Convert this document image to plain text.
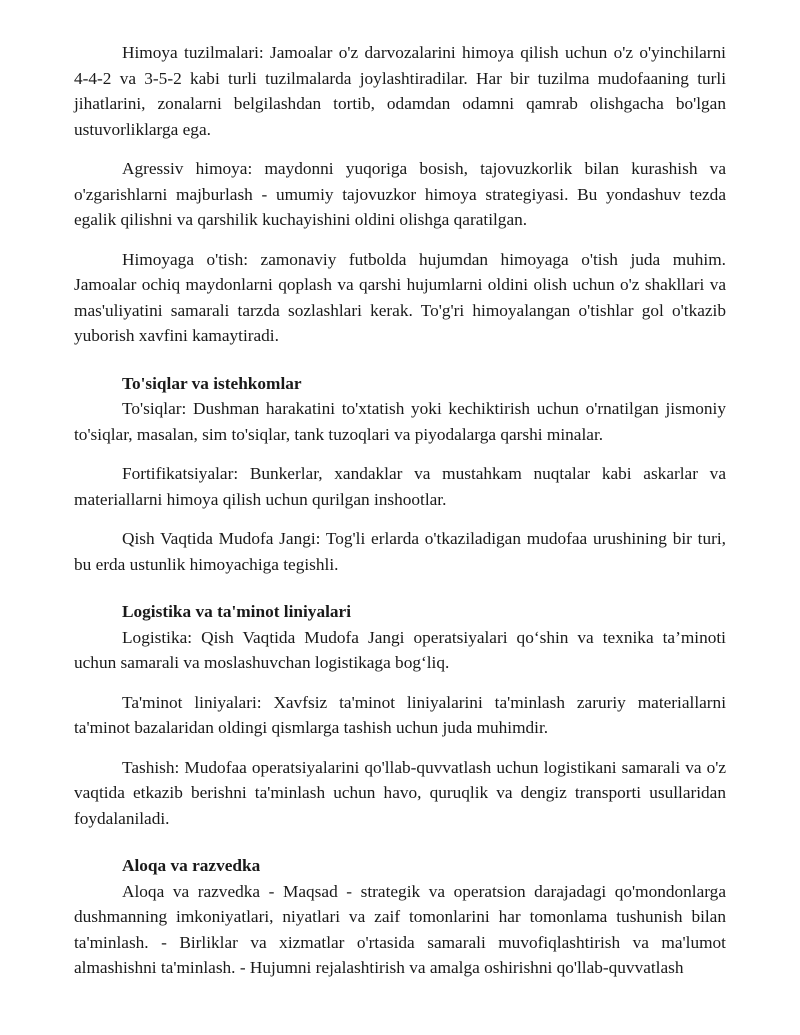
Himoya tuzilmalari: Jamoalar o'z darvozalarini himoya qilish uchun o'z o'yinchilarni 4-4-2 va 3-5-2 kabi turli tuzilmalarda joylashtiradilar. Har bir tuzilma mudofaaning turli jihatlarini, zonalarni belgilashdan tortib, odamdan odamni qamrab olishgacha bo'lgan ustuvorliklarga ega.

Agressiv himoya: maydonni yuqoriga bosish, tajovuzkorlik bilan kurashish va o'zgarishlarni majburlash - umumiy tajovuzkor himoya strategiyasi. Bu yondashuv tezda egalik qilishni va qarshilik kuchayishini oldini olishga qaratilgan.

Himoyaga o'tish: zamonaviy futbolda hujumdan himoyaga o'tish juda muhim. Jamoalar ochiq maydonlarni qoplash va qarshi hujumlarni oldini olish uchun o'z shakllari va mas'uliyatini samarali tarzda sozlashlari kerak. To'g'ri himoyalangan o'tishlar gol o'tkazib yuborish xavfini kamaytiradi.

To'siqlar va istehkomlar

To'siqlar: Dushman harakatini to'xtatish yoki kechiktirish uchun o'rnatilgan jismoniy to'siqlar, masalan, sim to'siqlar, tank tuzoqlari va piyodalarga qarshi minalar.

Fortifikatsiyalar: Bunkerlar, xandaklar va mustahkam nuqtalar kabi askarlar va materiallarni himoya qilish uchun qurilgan inshootlar.

Qish Vaqtida Mudofa Jangi: Tog'li erlarda o'tkaziladigan mudofaa urushining bir turi, bu erda ustunlik himoyachiga tegishli.

Logistika va ta'minot liniyalari

Logistika: Qish Vaqtida Mudofa Jangi operatsiyalari qo‘shin va texnika ta’minoti uchun samarali va moslashuvchan logistikaga bog‘liq.

Ta'minot liniyalari: Xavfsiz ta'minot liniyalarini ta'minlash zaruriy materiallarni ta'minot bazalaridan oldingi qismlarga tashish uchun juda muhimdir.

Tashish: Mudofaa operatsiyalarini qo'llab-quvvatlash uchun logistikani samarali va o'z vaqtida etkazib berishni ta'minlash uchun havo, quruqlik va dengiz transporti usullaridan foydalaniladi.

Aloqa va razvedka

Aloqa va razvedka - Maqsad - strategik va operatsion darajadagi qo'mondonlarga dushmanning imkoniyatlari, niyatlari va zaif tomonlarini har tomonlama tushunish bilan ta'minlash. - Birliklar va xizmatlar o'rtasida samarali muvofiqlashtirish va ma'lumot almashishni ta'minlash. - Hujumni rejalashtirish va amalga oshirishni qo'llab-quvvatlash
